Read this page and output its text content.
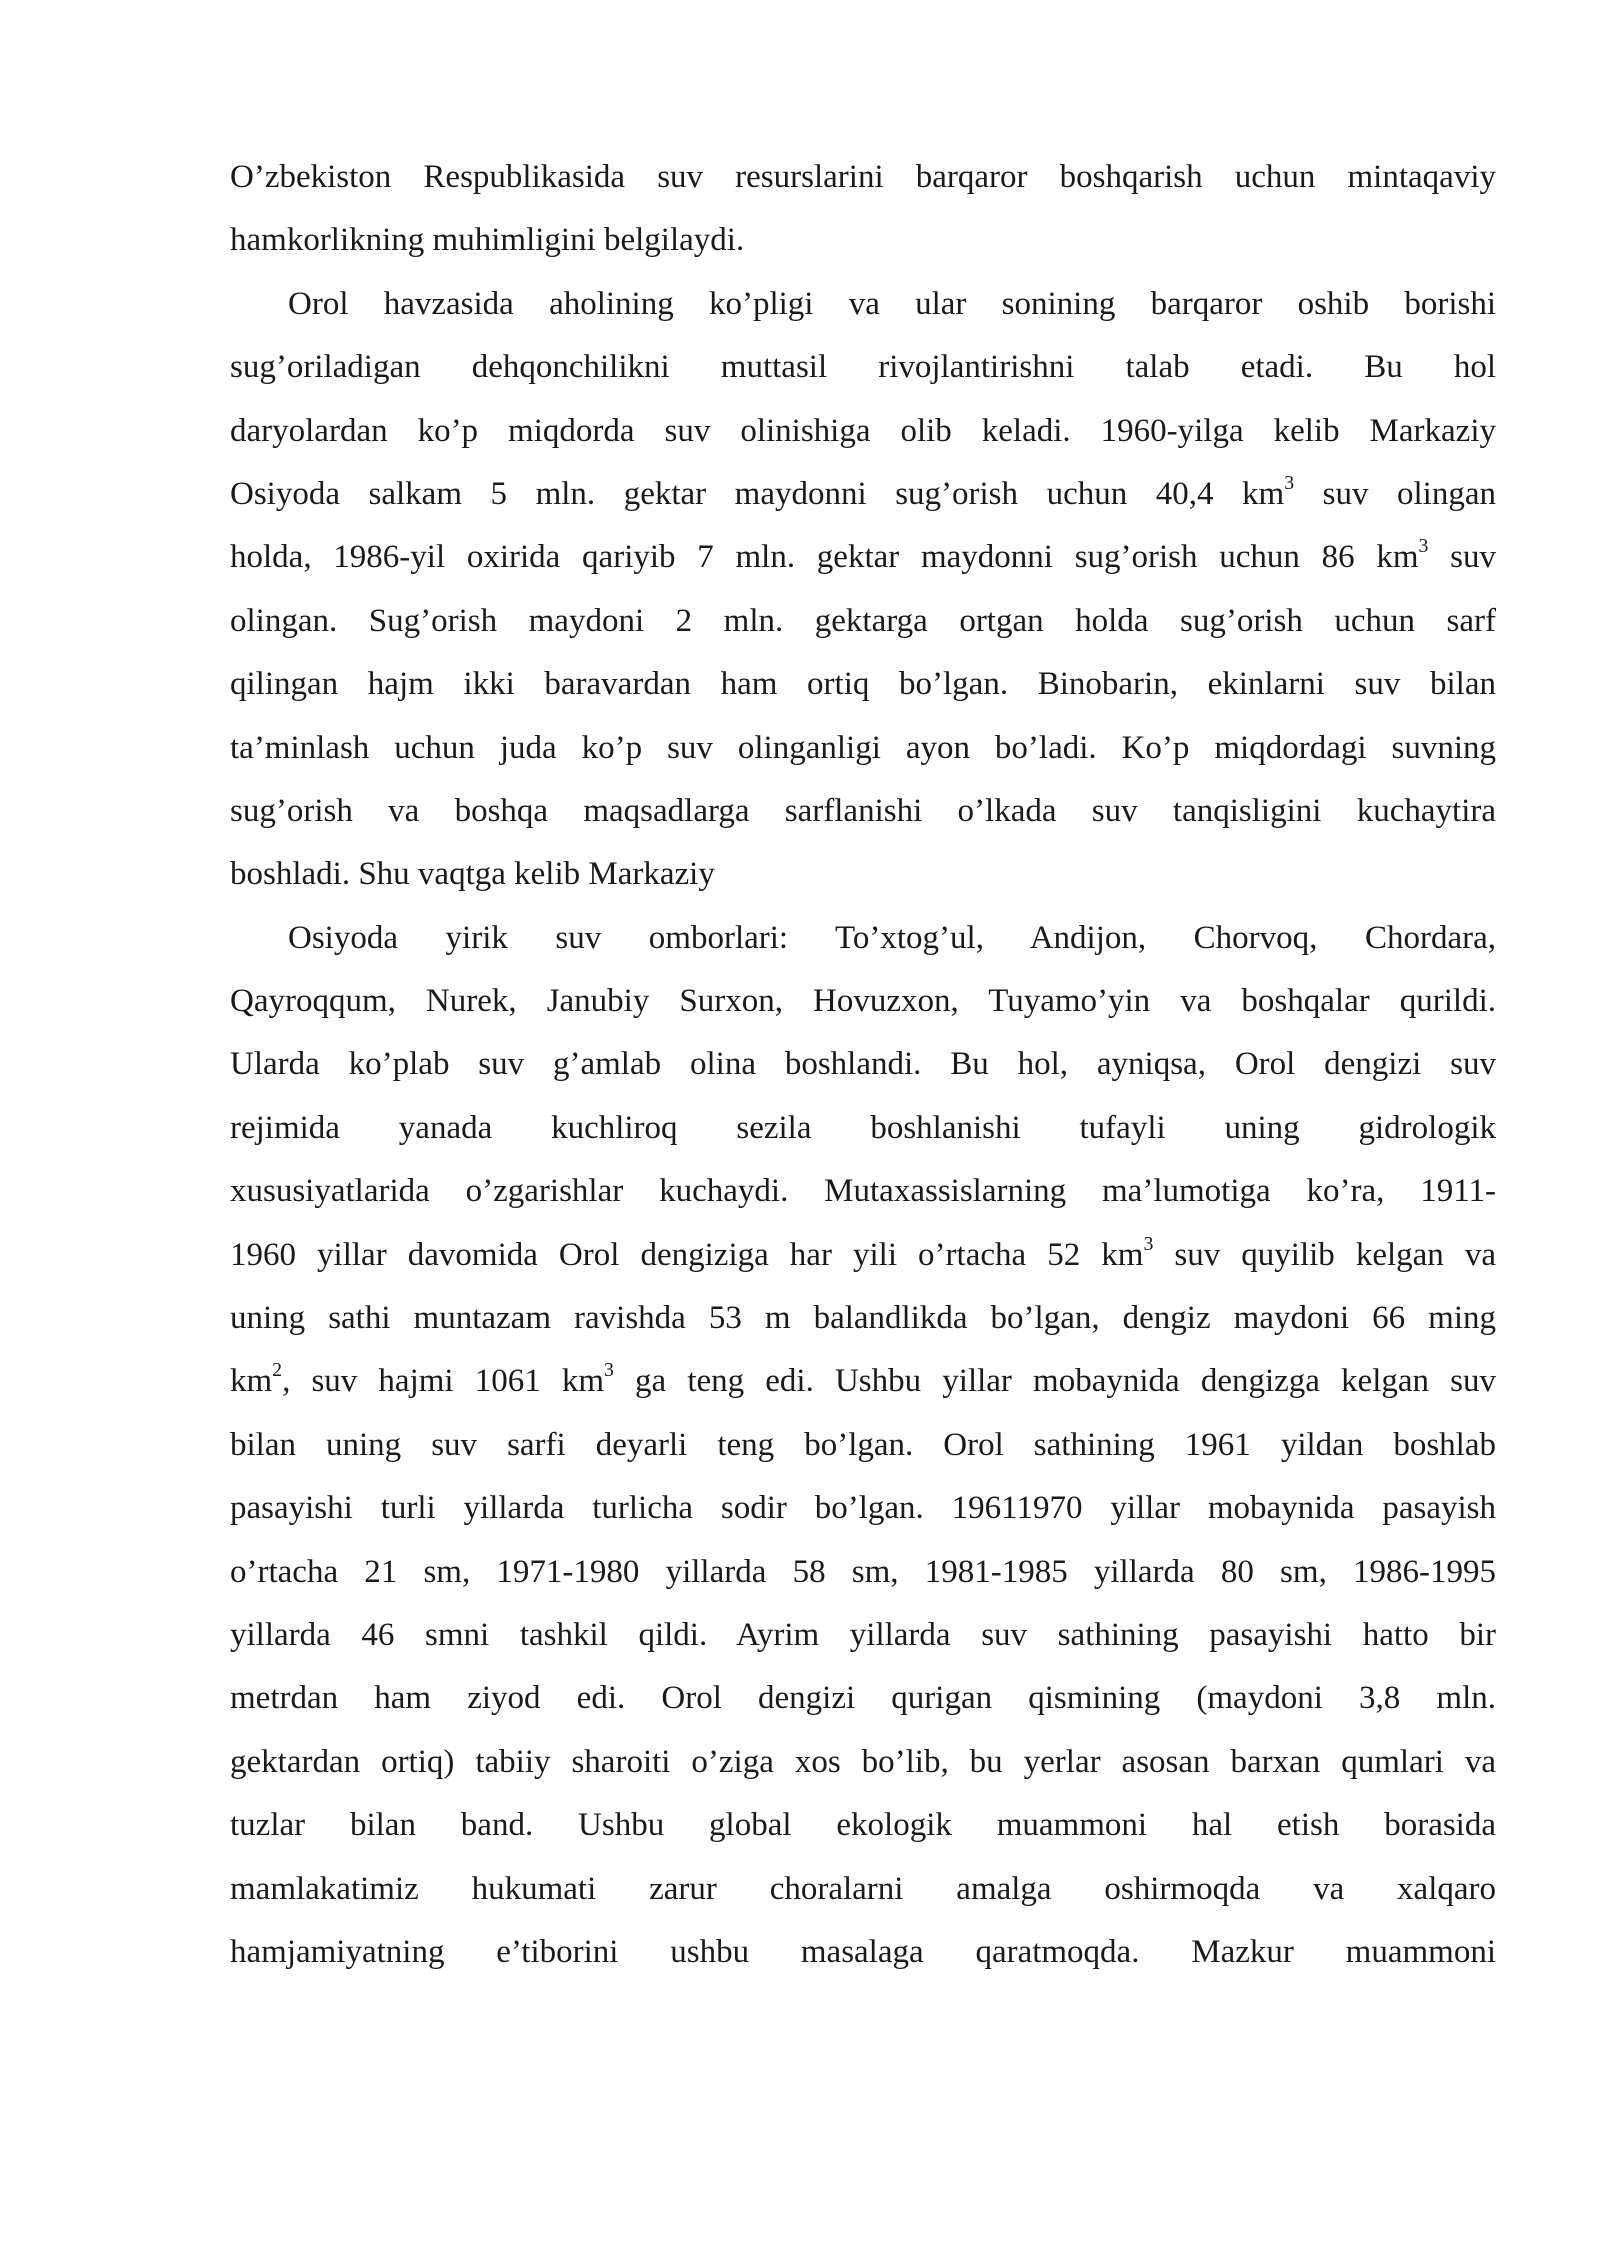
O’zbekiston Respublikasida suv resurslarini barqaror boshqarish uchun mintaqaviy
hamkorlikning muhimligini belgilaydi.
Orol havzasida aholining ko’pligi va ular sonining barqaror oshib borishi
sug’oriladigan dehqonchilikni muttasil rivojlantirishni talab etadi. Bu hol
daryolardan ko’p miqdorda suv olinishiga olib keladi. 1960-yilga kelib Markaziy
Osiyoda salkam 5 mln. gektar maydonni sug’orish uchun 40,4 $km^3$ suv olingan
holda, 1986-yil oxirida qariyib 7 mln. gektar maydonni sug’orish uchun 86 $km^3$ suv
olingan. Sug’orish maydoni 2 mln. gektarga ortgan holda sug’orish uchun sarf
qilingan hajm ikki baravardan ham ortiq bo’lgan. Binobarin, ekinlarni suv bilan
ta’minlash uchun juda ko’p suv olinganligi ayon bo’ladi. Ko’p miqdordagi suvning
sug’orish va boshqa maqsadlarga sarflanishi o’lkada suv tanqisligini kuchaytira
boshladi. Shu vaqtga kelib Markaziy
Osiyoda yirik suv omborlari: To’xtog’ul, Andijon, Chorvoq, Chordara,
Qayroqqum, Nurek, Janubiy Surxon, Hovuzxon, Tuyamo’yin va boshqalar qurildi.
Ularda ko’plab suv g’amlab olina boshlandi. Bu hol, ayniqsa, Orol dengizi suv
rejimida yanada kuchliroq sezila boshlanishi tufayli uning gidrologik
xususiyatlarida o’zgarishlar kuchaydi. Mutaxassislarning ma’lumotiga ko’ra, 1911-
1960 yillar davomida Orol dengiziga har yili o’rtacha 52 $km^3$ suv quyilib kelgan va
uning sathi muntazam ravishda 53 m balandlikda bo’lgan, dengiz maydoni 66 ming
$km^2$, suv hajmi 1061 $km^3$ ga teng edi. Ushbu yillar mobaynida dengizga kelgan suv
bilan uning suv sarfi deyarli teng bo’lgan. Orol sathining 1961 yildan boshlab
pasayishi turli yillarda turlicha sodir bo’lgan. 19611970 yillar mobaynida pasayish
o’rtacha 21 sm, 1971-1980 yillarda 58 sm, 1981-1985 yillarda 80 sm, 1986-1995
yillarda 46 smni tashkil qildi. Ayrim yillarda suv sathining pasayishi hatto bir
metrdan ham ziyod edi. Orol dengizi qurigan qismining (maydoni 3,8 mln.
gektardan ortiq) tabiiy sharoiti o’ziga xos bo’lib, bu yerlar asosan barxan qumlari va
tuzlar bilan band. Ushbu global ekologik muammoni hal etish borasida
mamlakatimiz hukumati zarur choralarni amalga oshirmoqda va xalqaro
hamjamiyatning e’tiborini ushbu masalaga qaratmoqda. Mazkur muammoni
